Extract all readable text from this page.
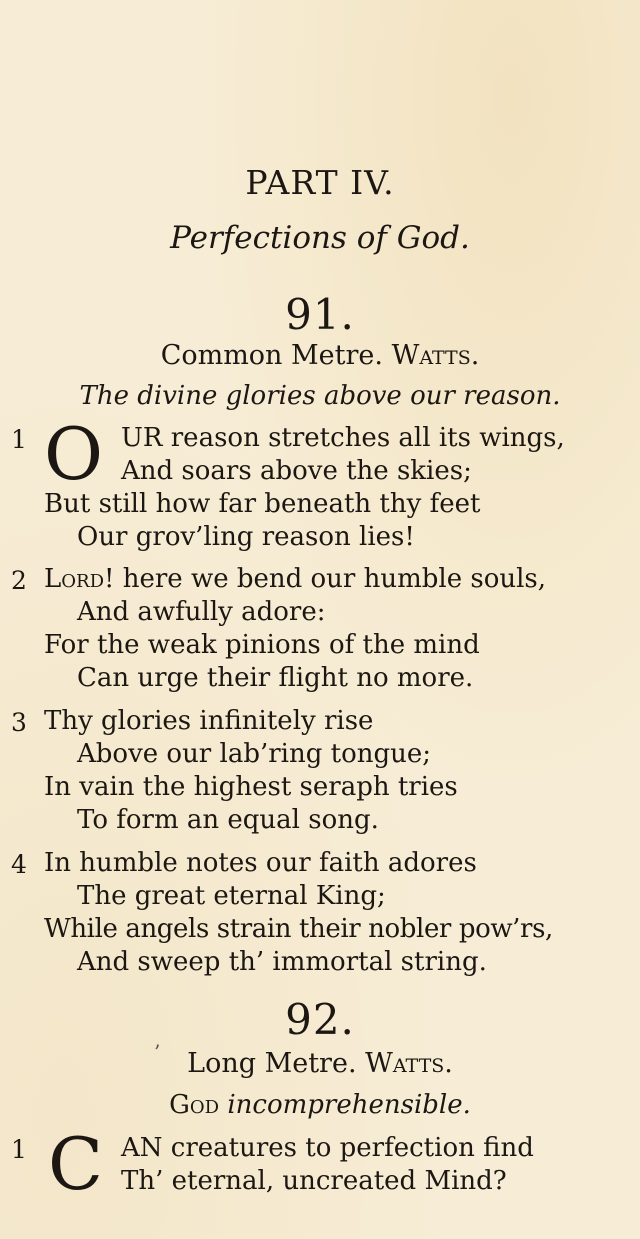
PART IV.
Perfections of God.
91.
Common Metre. Watts.
The divine glories above our reason.
1 O UR reason stretches all its wings,
And soars above the skies;
But still how far beneath thy feet
Our grov’ling reason lies!
2 Lord! here we bend our humble souls,
And awfully adore:
For the weak pinions of the mind
Can urge their flight no more.
3 Thy glories infinitely rise
Above our lab’ring tongue;
In vain the highest seraph tries
To form an equal song.
4 In humble notes our faith adores
The great eternal King;
While angels strain their nobler pow’rs,
And sweep th’ immortal string.
92.
’ Long Metre. Watts.
God incomprehensible.
1 C AN creatures to perfection find
Th’ eternal, uncreated Mind?
